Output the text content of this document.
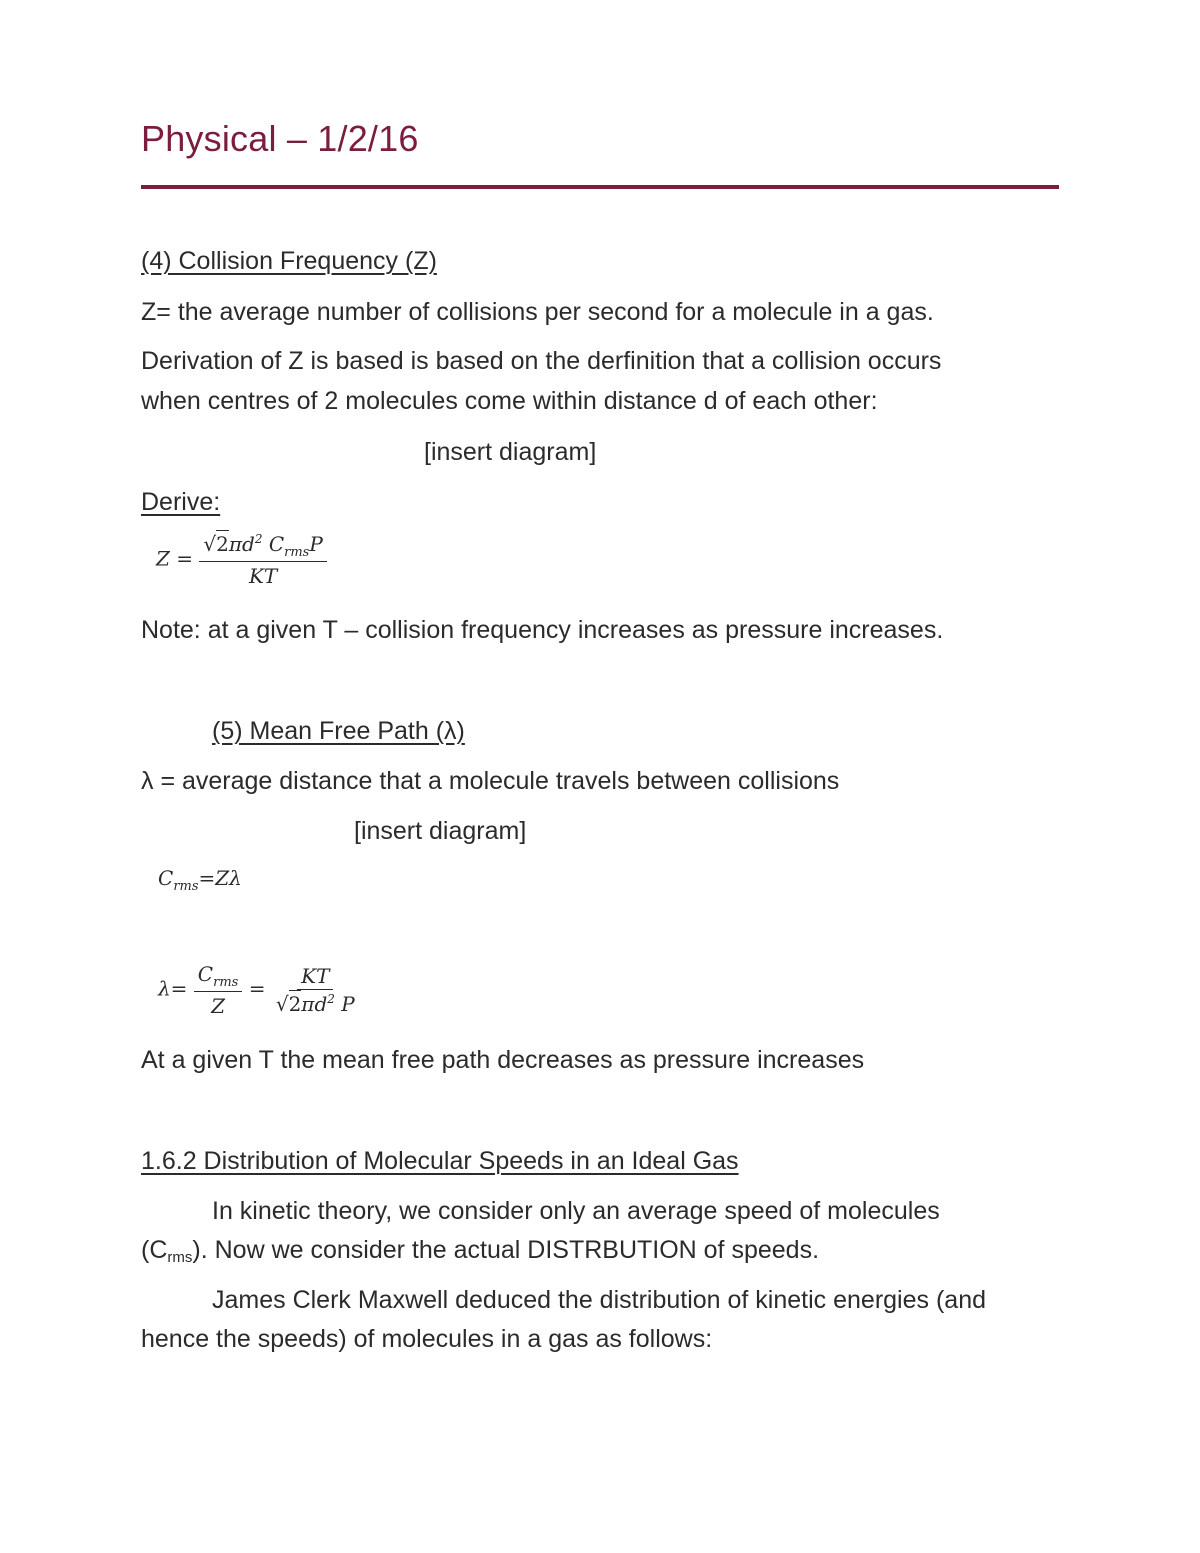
Physical – 1/2/16
(4) Collision Frequency (Z)
Z= the average number of collisions per second for a molecule in a gas.
Derivation of Z is based is based on the derfinition that a collision occurs
when centres of 2 molecules come within distance d of each other:
[insert diagram]
Derive:
$Z = \frac{√2\pi d^2 C_{rms}P}{KT}$
Note: at a given T – collision frequency increases as pressure increases.
(5) Mean Free Path (λ)
λ = average distance that a molecule travels between collisions
[insert diagram]
$C_{rms}=Z\lambda$
$\lambda= \frac{C_{rms}}{Z} = \frac{KT}{√2\pi d^2 P}$
At a given T the mean free path decreases as pressure increases
1.6.2 Distribution of Molecular Speeds in an Ideal Gas
In kinetic theory, we consider only an average speed of molecules
$(C_{rms})$. Now we consider the actual DISTRBUTION of speeds.
James Clerk Maxwell deduced the distribution of kinetic energies (and
hence the speeds) of molecules in a gas as follows:
